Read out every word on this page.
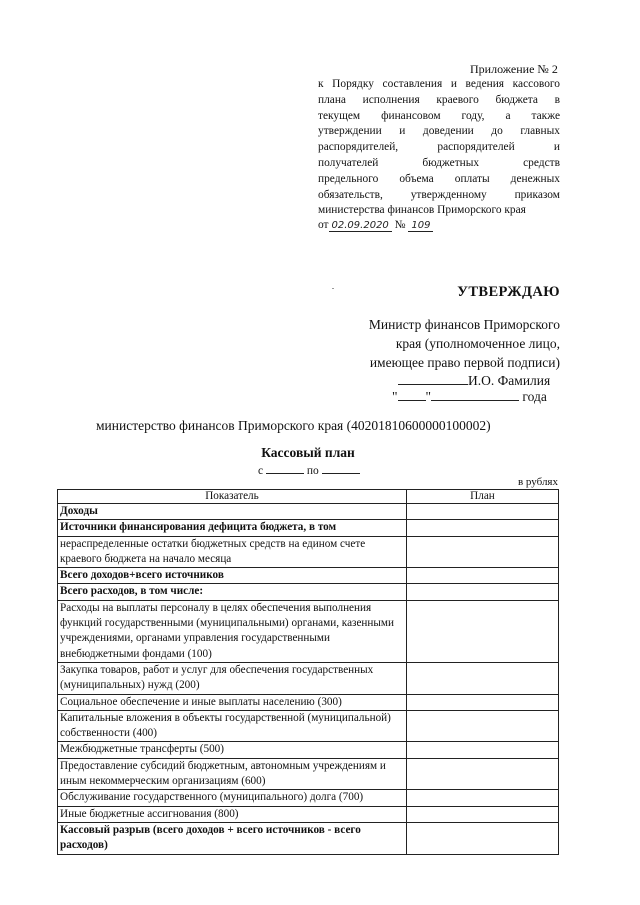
Приложение № 2
к Порядку составления и ведения кассового
плана исполнения краевого бюджета в
текущем финансовом году, а также
утверждении и доведении до главных
распорядителей, распорядителей и
получателей бюджетных средств
предельного объема оплаты денежных
обязательств, утвержденному приказом
министерства финансов Приморского края
от 02.09.2020 № 109
УТВЕРЖДАЮ
Министр финансов Приморского
края (уполномоченное лицо,
имеющее право первой подписи)
И.О. Фамилия
" "	года
министерство финансов Приморского края (40201810600000100002)
Кассовый план
с	по
в рублях
Показатель	План
Доходы	
Источники финансирования дефицита бюджета, в том	
нераспределенные остатки бюджетных средств на едином счете краевого бюджета на начало месяца	
Всего доходов+всего источников	
Всего расходов, в том числе:	
Расходы на выплаты персоналу в целях обеспечения выполнения функций государственными (муниципальными) органами, казенными учреждениями, органами управления государственными внебюджетными фондами (100)	
Закупка товаров, работ и услуг для обеспечения государственных (муниципальных) нужд (200)	
Социальное обеспечение и иные выплаты населению (300)	
Капитальные вложения в объекты государственной (муниципальной) собственности (400)	
Межбюджетные трансферты (500)	
Предоставление субсидий бюджетным, автономным учреждениям и иным некоммерческим организациям (600)	
Обслуживание государственного (муниципального) долга (700)	
Иные бюджетные ассигнования (800)	
Кассовый разрыв (всего доходов + всего источников - всего расходов)	
